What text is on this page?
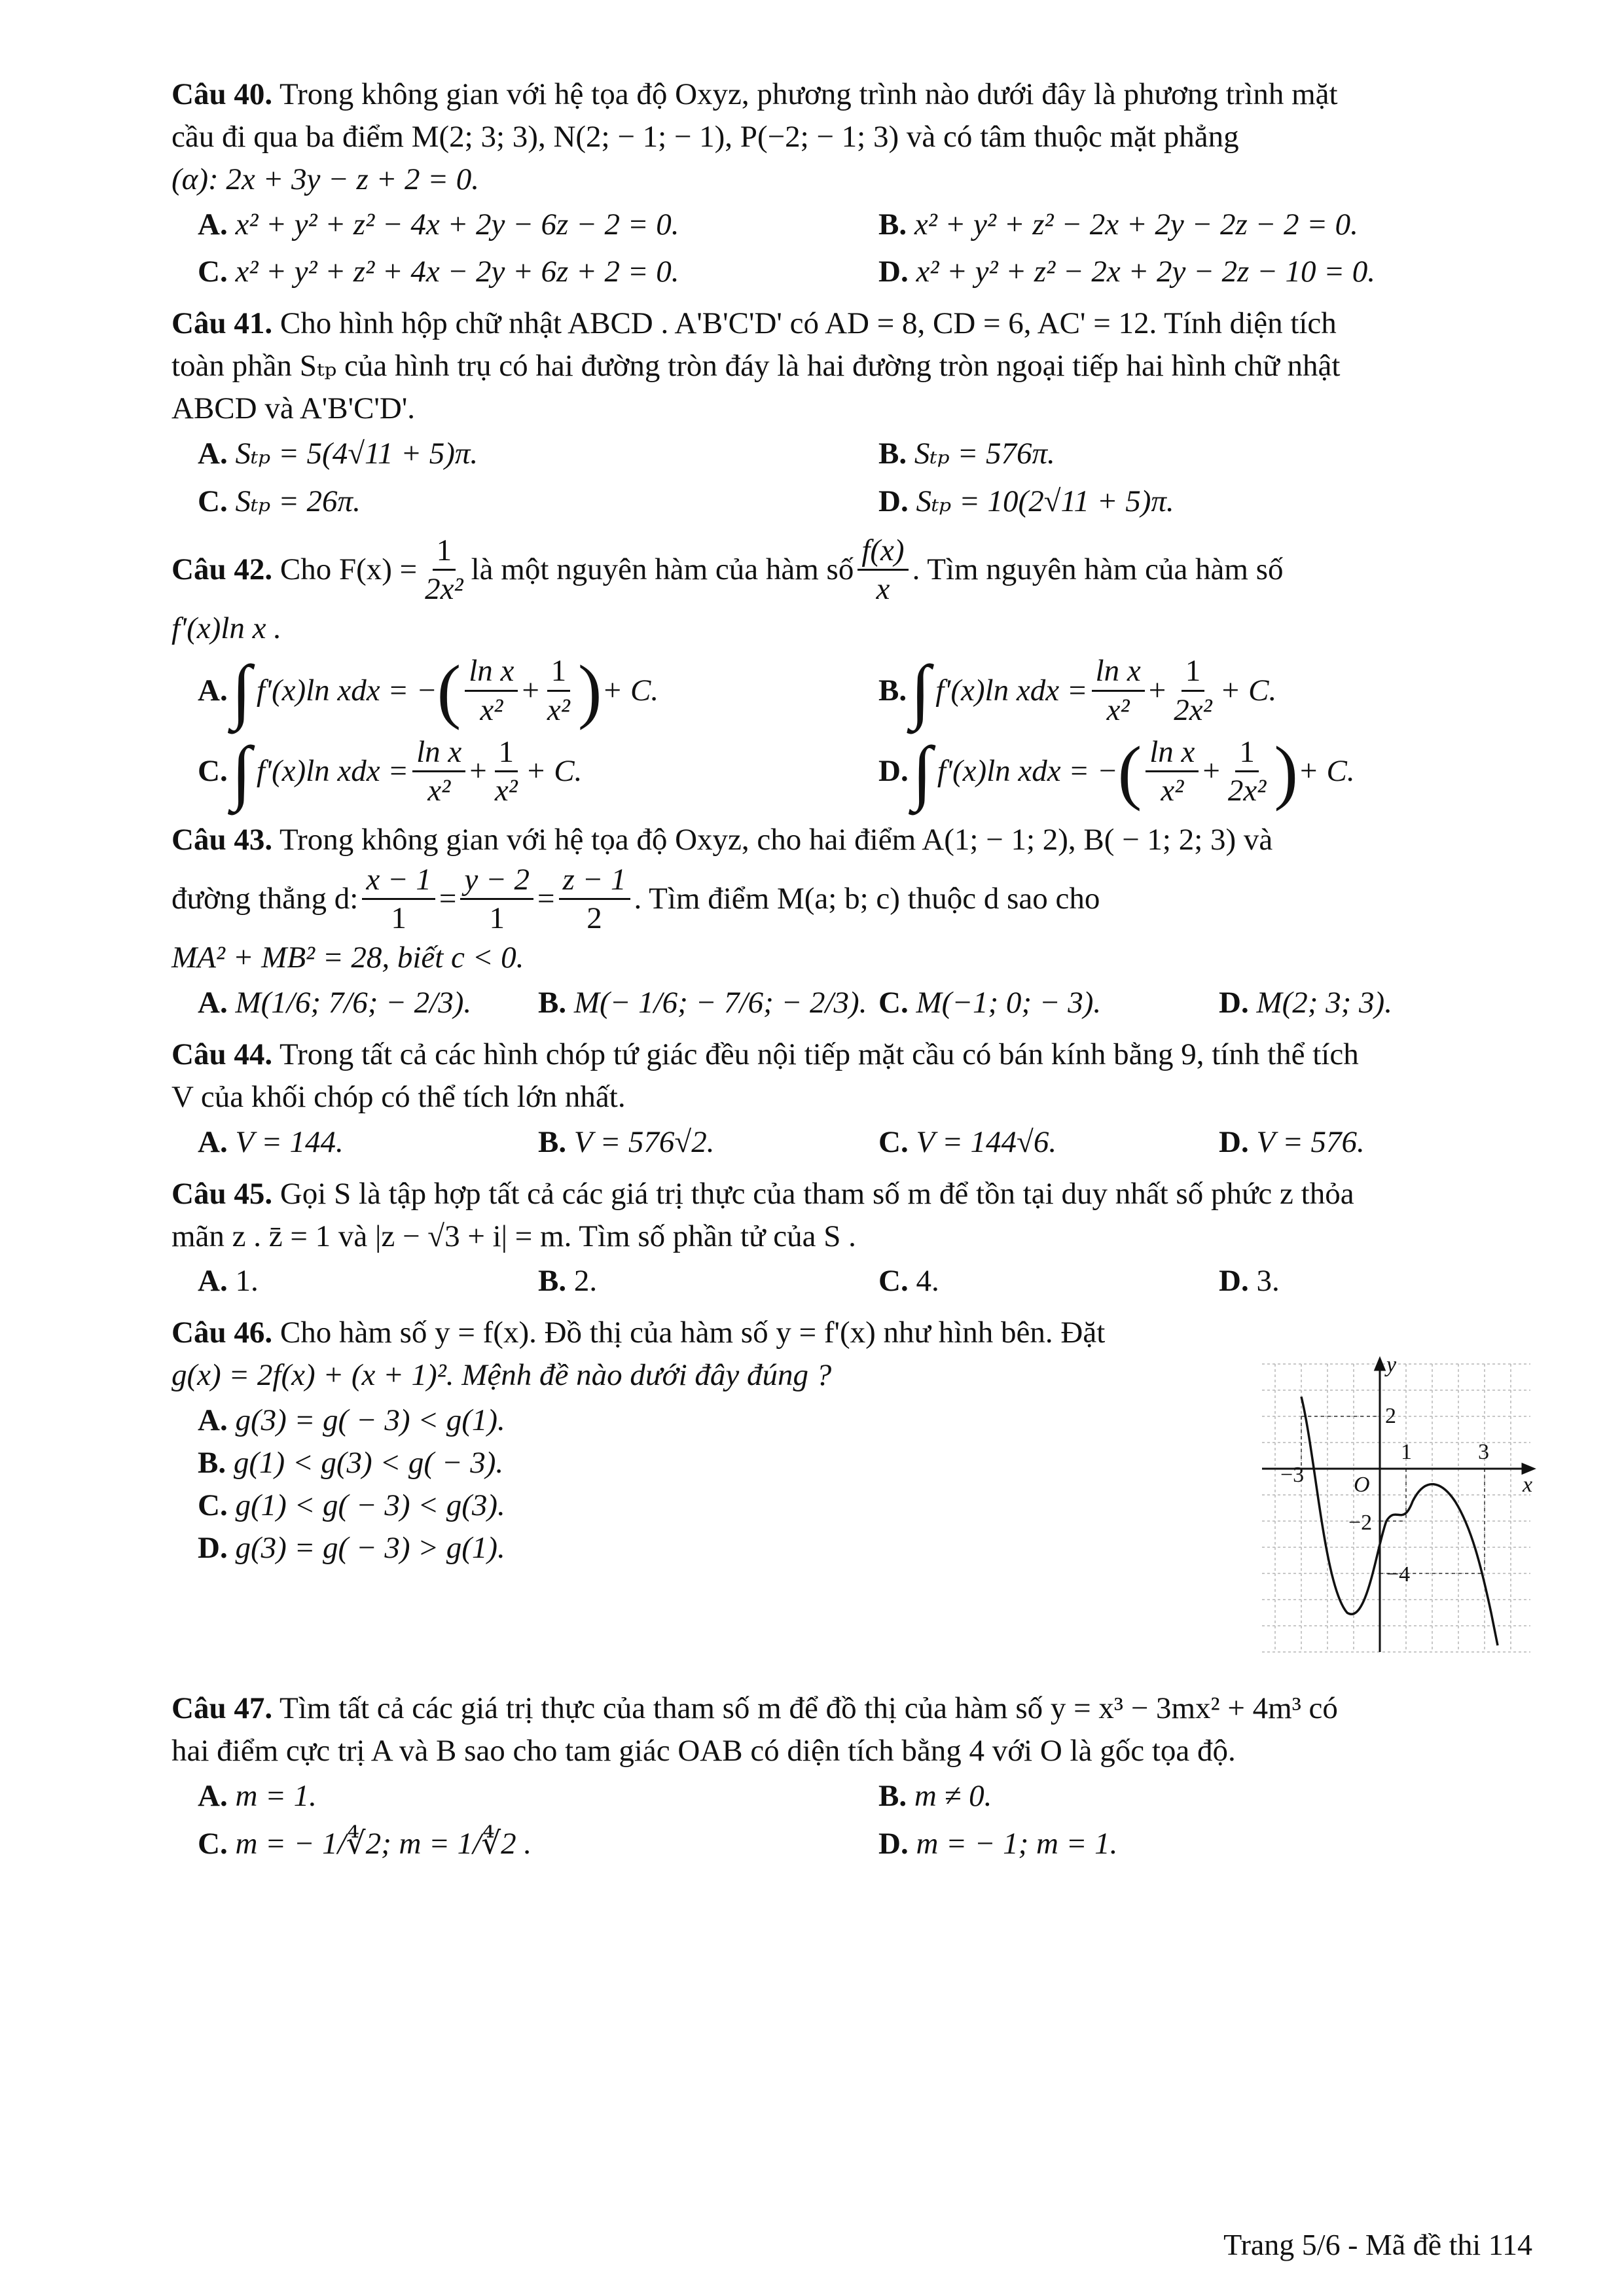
Câu 40. Trong không gian với hệ tọa độ Oxyz, phương trình nào dưới đây là phương trình mặt
cầu đi qua ba điểm M(2; 3; 3), N(2; − 1; − 1), P(−2; − 1; 3) và có tâm thuộc mặt phẳng
(α): 2x + 3y − z + 2 = 0.
A. x² + y² + z² − 4x + 2y − 6z − 2 = 0.	B. x² + y² + z² − 2x + 2y − 2z − 2 = 0.
C. x² + y² + z² + 4x − 2y + 6z + 2 = 0.	D. x² + y² + z² − 2x + 2y − 2z − 10 = 0.
Câu 41. Cho hình hộp chữ nhật ABCD . A'B'C'D' có AD = 8, CD = 6, AC' = 12. Tính diện tích
toàn phần Sₜₚ của hình trụ có hai đường tròn đáy là hai đường tròn ngoại tiếp hai hình chữ nhật
ABCD và A'B'C'D'.
A. Sₜₚ = 5(4√11 + 5)π.	B. Sₜₚ = 576π.
C. Sₜₚ = 26π.	D. Sₜₚ = 10(2√11 + 5)π.
Câu 42.
Cho $F(x) = \frac{1}{\text{2x²}}$ là một nguyên hàm của hàm số $\frac{f(x)}{x}$ . Tìm nguyên hàm của hàm số
f'(x)ln x .
A. ∫ f'(x)ln xdx = − ( $\frac{\text{ln x}}{\text{x²}} + \frac{1}{\text{x²}}$ ) + C.	B. ∫ f'(x)ln xdx = $\frac{\text{ln x}}{\text{x²}} + \frac{1}{\text{2x²}} + C$.
C. ∫ f'(x)ln xdx = $\frac{\text{ln x}}{\text{x²}} + \frac{1}{\text{x²}} + C$.	D. ∫ f'(x)ln xdx = − ( $\frac{\text{ln x}}{\text{x²}} + \frac{1}{\text{2x²}}$ ) + C.
Câu 43. Trong không gian với hệ tọa độ Oxyz, cho hai điểm A(1; − 1; 2), B( − 1; 2; 3) và
đường thẳng d: $\frac{x - 1}{1} = \frac{y - 2}{1} = \frac{z - 1}{2}$ . Tìm điểm M(a; b; c) thuộc d sao cho
MA² + MB² = 28, biết c < 0.
A. M(1/6; 7/6; − 2/3).	B. M(− 1/6; − 7/6; − 2/3). C. M(−1; 0; − 3).	D. M(2; 3; 3).
Câu 44. Trong tất cả các hình chóp tứ giác đều nội tiếp mặt cầu có bán kính bằng 9, tính thể tích
V của khối chóp có thể tích lớn nhất.
A. V = 144.	B. V = 576√2.	C. V = 144√6.	D. V = 576.
Câu 45. Gọi S là tập hợp tất cả các giá trị thực của tham số m để tồn tại duy nhất số phức z thỏa
mãn z . z̄ = 1 và |z − √3 + i| = m. Tìm số phần tử của S .
A. 1.	B. 2.	C. 4.	D. 3.
Câu 46. Cho hàm số y = f(x). Đồ thị của hàm số y = f'(x) như hình bên. Đặt
g(x) = 2f(x) + (x + 1)². Mệnh đề nào dưới đây đúng ?
A. g(3) = g( − 3) < g(1).
B. g(1) < g(3) < g( − 3).
C. g(1) < g( − 3) < g(3).
D. g(3) = g( − 3) > g(1).
y
x
O
2
1	3
−3
−2
−4
Câu 47. Tìm tất cả các giá trị thực của tham số m để đồ thị của hàm số y = x³ − 3mx² + 4m³ có
hai điểm cực trị A và B sao cho tam giác OAB có diện tích bằng 4 với O là gốc tọa độ.
A. m = 1.	B. m ≠ 0.
C. m = − 1/∜2; m = 1/∜2 .	D. m = − 1; m = 1.
Trang 5/6 - Mã đề thi 114
